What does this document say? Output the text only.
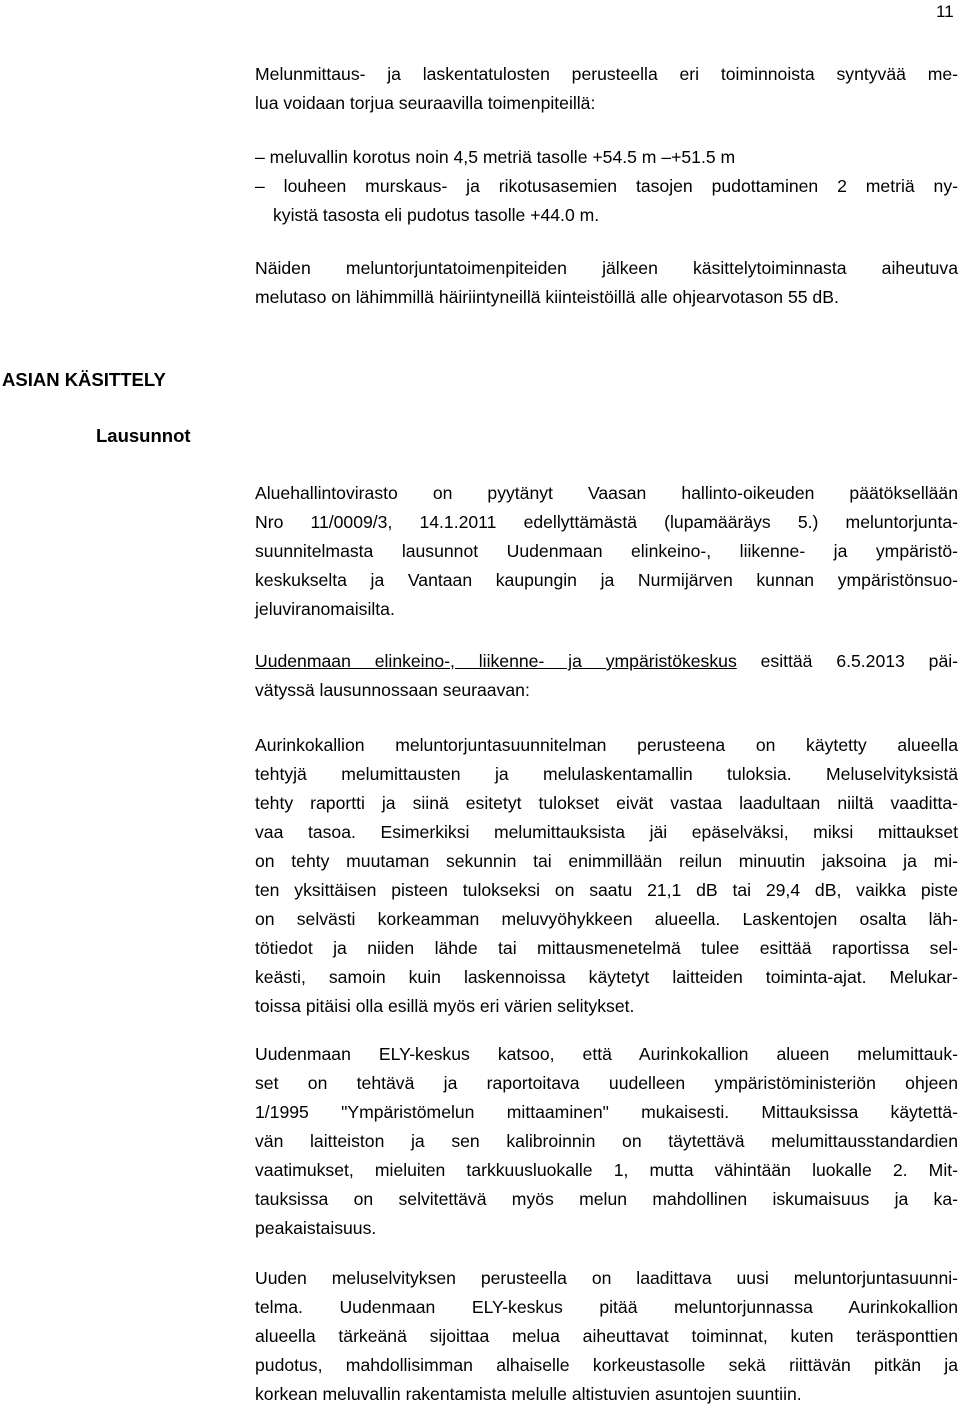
11
Melunmittaus- ja laskentatulosten perusteella eri toiminnoista syntyvää me-
lua voidaan torjua seuraavilla toimenpiteillä:
– meluvallin korotus noin 4,5 metriä tasolle +54.5 m –+51.5 m
– louheen murskaus- ja rikotusasemien tasojen pudottaminen 2 metriä ny-
kyistä tasosta eli pudotus tasolle +44.0 m.
Näiden meluntorjuntatoimenpiteiden jälkeen käsittelytoiminnasta aiheutuva
melutaso on lähimmillä häiriintyneillä kiinteistöillä alle ohjearvotason 55 dB.
ASIAN KÄSITTELY
Lausunnot
Aluehallintovirasto on pyytänyt Vaasan hallinto-oikeuden päätöksellään
Nro 11/0009/3, 14.1.2011 edellyttämästä (lupamääräys 5.) meluntorjunta-
suunnitelmasta lausunnot Uudenmaan elinkeino-, liikenne- ja ympäristö-
keskukselta ja Vantaan kaupungin ja Nurmijärven kunnan ympäristönsuo-
jeluviranomaisilta.
Uudenmaan elinkeino-, liikenne- ja ympäristökeskus esittää 6.5.2013 päi-
vätyssä lausunnossaan seuraavan:
Aurinkokallion meluntorjuntasuunnitelman perusteena on käytetty alueella
tehtyjä melumittausten ja melulaskentamallin tuloksia. Meluselvityksistä
tehty raportti ja siinä esitetyt tulokset eivät vastaa laadultaan niiltä vaaditta-
vaa tasoa. Esimerkiksi melumittauksista jäi epäselväksi, miksi mittaukset
on tehty muutaman sekunnin tai enimmillään reilun minuutin jaksoina ja mi-
ten yksittäisen pisteen tulokseksi on saatu 21,1 dB tai 29,4 dB, vaikka piste
on selvästi korkeamman meluvyöhykkeen alueella. Laskentojen osalta läh-
tötiedot ja niiden lähde tai mittausmenetelmä tulee esittää raportissa sel-
keästi, samoin kuin laskennoissa käytetyt laitteiden toiminta-ajat. Melukar-
toissa pitäisi olla esillä myös eri värien selitykset.
Uudenmaan ELY-keskus katsoo, että Aurinkokallion alueen melumittauk-
set on tehtävä ja raportoitava uudelleen ympäristöministeriön ohjeen
1/1995 "Ympäristömelun mittaaminen" mukaisesti. Mittauksissa käytettä-
vän laitteiston ja sen kalibroinnin on täytettävä melumittausstandardien
vaatimukset, mieluiten tarkkuusluokalle 1, mutta vähintään luokalle 2. Mit-
tauksissa on selvitettävä myös melun mahdollinen iskumaisuus ja ka-
peakaistaisuus.
Uuden meluselvityksen perusteella on laadittava uusi meluntorjuntasuunni-
telma. Uudenmaan ELY-keskus pitää meluntorjunnassa Aurinkokallion
alueella tärkeänä sijoittaa melua aiheuttavat toiminnat, kuten teräsponttien
pudotus, mahdollisimman alhaiselle korkeustasolle sekä riittävän pitkän ja
korkean meluvallin rakentamista melulle altistuvien asuntojen suuntiin.
